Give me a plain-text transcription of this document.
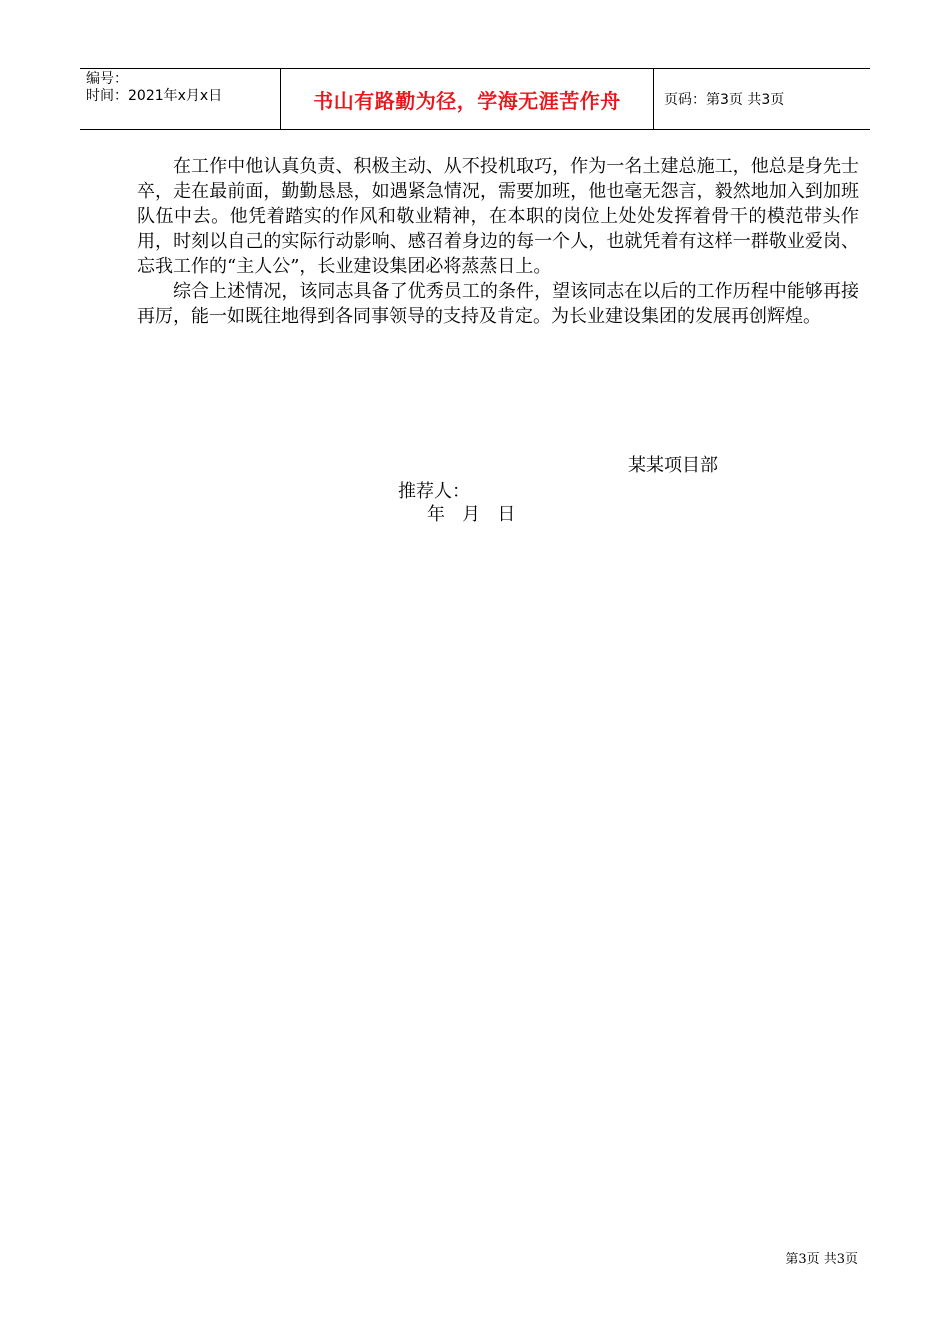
编号：
时间：2021年x月x日	书山有路勤为径，学海无涯苦作舟	页码：第3页 共3页

在工作中他认真负责、积极主动、从不投机取巧，作为一名土建总施工，他总是身先士卒，走在最前面，勤勤恳恳，如遇紧急情况，需要加班，他也毫无怨言，毅然地加入到加班队伍中去。他凭着踏实的作风和敬业精神，在本职的岗位上处处发挥着骨干的模范带头作用，时刻以自己的实际行动影响、感召着身边的每一个人，也就凭着有这样一群敬业爱岗、忘我工作的“主人公”，长业建设集团必将蒸蒸日上。

综合上述情况，该同志具备了优秀员工的条件，望该同志在以后的工作历程中能够再接再厉，能一如既往地得到各同事领导的支持及肯定。为长业建设集团的发展再创辉煌。

某某项目部
推荐人：
年   月   日
第3页 共3页
